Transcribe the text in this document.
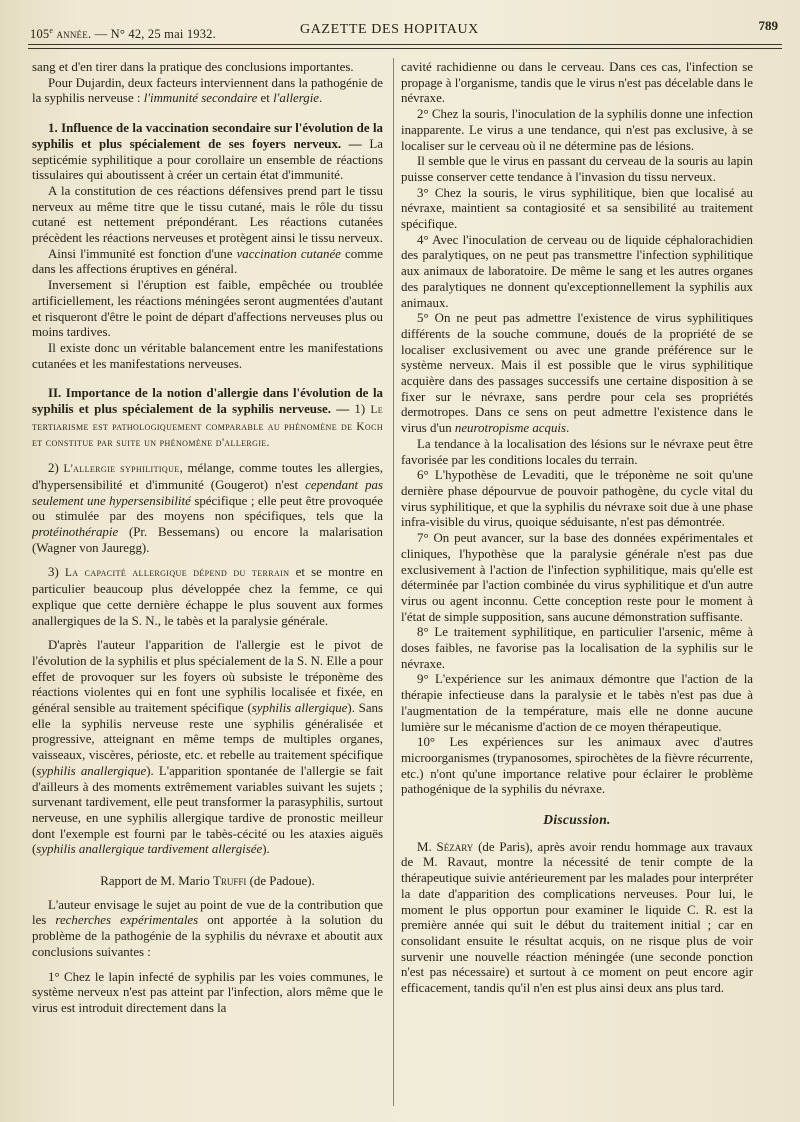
105e année. — N° 42, 25 mai 1932.	GAZETTE DES HOPITAUX	789

sang et d'en tirer dans la pratique des conclusions importantes.

Pour Dujardin, deux facteurs interviennent dans la pathogénie de la syphilis nerveuse : l'immunité secondaire et l'allergie.

1. Influence de la vaccination secondaire sur l'évolution de la syphilis et plus spécialement de ses foyers nerveux. — La septicémie syphilitique a pour corollaire un ensemble de réactions tissulaires qui aboutissent à créer un certain état d'immunité.

A la constitution de ces réactions défensives prend part le tissu nerveux au même titre que le tissu cutané, mais le rôle du tissu cutané est nettement prépondérant. Les réactions cutanées précèdent les réactions nerveuses et protègent ainsi le tissu nerveux.

Ainsi l'immunité est fonction d'une vaccination cutanée comme dans les affections éruptives en général.

Inversement si l'éruption est faible, empêchée ou troublée artificiellement, les réactions méningées seront augmentées d'autant et risqueront d'être le point de départ d'affections nerveuses plus ou moins tardives.

Il existe donc un véritable balancement entre les manifestations cutanées et les manifestations nerveuses.

II. Importance de la notion d'allergie dans l'évolution de la syphilis et plus spécialement de la syphilis nerveuse. — 1) Le tertiarisme est pathologiquement comparable au phénomène de Koch et constitue par suite un phénomène d'allergie.

2) L'allergie syphilitique, mélange, comme toutes les allergies, d'hypersensibilité et d'immunité (Gougerot) n'est cependant pas seulement une hypersensibilité spécifique ; elle peut être provoquée ou stimulée par des moyens non spécifiques, tels que la protéinothérapie (Pr. Bessemans) ou encore la malarisation (Wagner von Jauregg).

3) La capacité allergique dépend du terrain et se montre en particulier beaucoup plus développée chez la femme, ce qui explique que cette dernière échappe le plus souvent aux formes anallergiques de la S. N., le tabès et la paralysie générale.

D'après l'auteur l'apparition de l'allergie est le pivot de l'évolution de la syphilis et plus spécialement de la S. N. Elle a pour effet de provoquer sur les foyers où subsiste le tréponème des réactions violentes qui en font une syphilis localisée et fixée, en général sensible au traitement spécifique (syphilis allergique). Sans elle la syphilis nerveuse reste une syphilis généralisée et progressive, atteignant en même temps de multiples organes, vaisseaux, viscères, périoste, etc. et rebelle au traitement spécifique (syphilis anallergique). L'apparition spontanée de l'allergie se fait d'ailleurs à des moments extrêmement variables suivant les sujets ; survenant tardivement, elle peut transformer la parasyphilis, surtout nerveuse, en une syphilis allergique tardive de pronostic meilleur dont l'exemple est fourni par le tabès-cécité ou les ataxies aiguës (syphilis anallergique tardivement allergisée).

Rapport de M. Mario Truffi (de Padoue).

L'auteur envisage le sujet au point de vue de la contribution que les recherches expérimentales ont apportée à la solution du problème de la pathogénie de la syphilis du névraxe et aboutit aux conclusions suivantes :

1° Chez le lapin infecté de syphilis par les voies communes, le système nerveux n'est pas atteint par l'infection, alors même que le virus est introduit directement dans la

cavité rachidienne ou dans le cerveau. Dans ces cas, l'infection se propage à l'organisme, tandis que le virus n'est pas décelable dans le névraxe.

2° Chez la souris, l'inoculation de la syphilis donne une infection inapparente. Le virus a une tendance, qui n'est pas exclusive, à se localiser sur le cerveau où il ne détermine pas de lésions.

Il semble que le virus en passant du cerveau de la souris au lapin puisse conserver cette tendance à l'invasion du tissu nerveux.

3° Chez la souris, le virus syphilitique, bien que localisé au névraxe, maintient sa contagiosité et sa sensibilité au traitement spécifique.

4° Avec l'inoculation de cerveau ou de liquide céphalorachidien des paralytiques, on ne peut pas transmettre l'infection syphilitique aux animaux de laboratoire. De même le sang et les autres organes des paralytiques ne donnent qu'exceptionnellement la syphilis aux animaux.

5° On ne peut pas admettre l'existence de virus syphilitiques différents de la souche commune, doués de la propriété de se localiser exclusivement ou avec une grande préférence sur le système nerveux. Mais il est possible que le virus syphilitique acquière dans des passages successifs une certaine disposition à se fixer sur le névraxe, sans perdre pour cela ses propriétés dermotropes. Dans ce sens on peut admettre l'existence dans le virus d'un neurotropisme acquis.

La tendance à la localisation des lésions sur le névraxe peut être favorisée par les conditions locales du terrain.

6° L'hypothèse de Levaditi, que le tréponème ne soit qu'une dernière phase dépourvue de pouvoir pathogène, du cycle vital du virus syphilitique, et que la syphilis du névraxe soit due à une phase infra-visible du virus, quoique séduisante, n'est pas démontrée.

7° On peut avancer, sur la base des données expérimentales et cliniques, l'hypothèse que la paralysie générale n'est pas due exclusivement à l'action de l'infection syphilitique, mais qu'elle est déterminée par l'action combinée du virus syphilitique et d'un autre virus ou agent inconnu. Cette conception reste pour le moment à l'état de simple supposition, sans aucune démonstration suffisante.

8° Le traitement syphilitique, en particulier l'arsenic, même à doses faibles, ne favorise pas la localisation de la syphilis sur le névraxe.

9° L'expérience sur les animaux démontre que l'action de la thérapie infectieuse dans la paralysie et le tabès n'est pas due à l'augmentation de la température, mais elle ne donne aucune lumière sur le mécanisme d'action de ce moyen thérapeutique.

10° Les expériences sur les animaux avec d'autres microorganismes (trypanosomes, spirochètes de la fièvre récurrente, etc.) n'ont qu'une importance relative pour éclairer le problème pathogénique de la syphilis du névraxe.

Discussion.

M. Sézary (de Paris), après avoir rendu hommage aux travaux de M. Ravaut, montre la nécessité de tenir compte de la thérapeutique suivie antérieurement par les malades pour interpréter la date d'apparition des complications nerveuses. Pour lui, le moment le plus opportun pour examiner le liquide C. R. est la première année qui suit le début du traitement initial ; car en consolidant ensuite le résultat acquis, on ne risque plus de voir survenir une nouvelle réaction méningée (une seconde ponction n'est pas nécessaire) et surtout à ce moment on peut encore agir efficacement, tandis qu'il n'en est plus ainsi deux ans plus tard.
